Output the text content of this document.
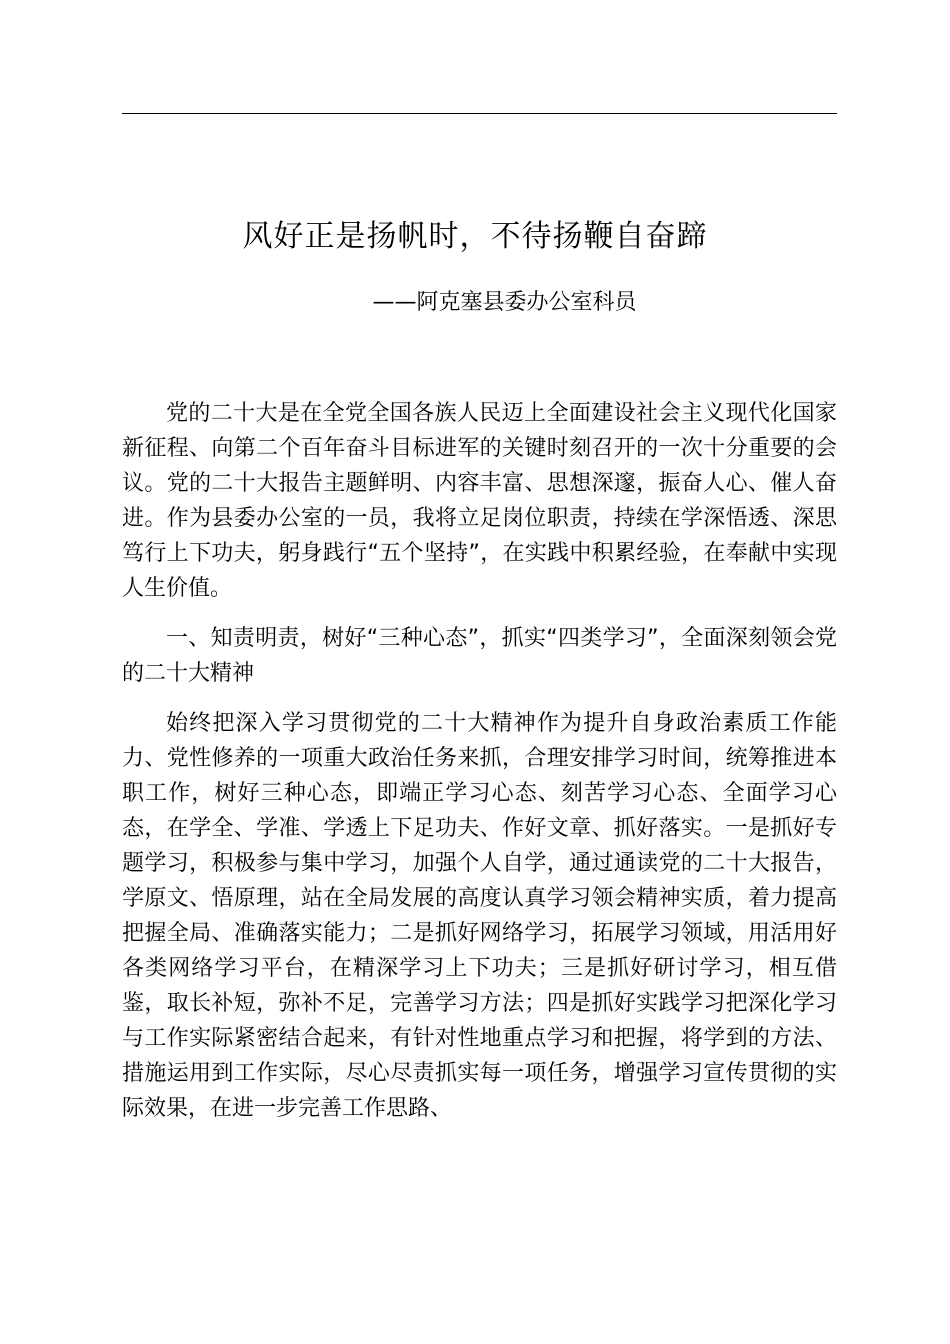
风好正是扬帆时，不待扬鞭自奋蹄
——阿克塞县委办公室科员

党的二十大是在全党全国各族人民迈上全面建设社会主义现代化国家新征程、向第二个百年奋斗目标进军的关键时刻召开的一次十分重要的会议。党的二十大报告主题鲜明、内容丰富、思想深邃，振奋人心、催人奋进。作为县委办公室的一员，我将立足岗位职责，持续在学深悟透、深思笃行上下功夫，躬身践行“五个坚持”，在实践中积累经验，在奉献中实现人生价值。

一、知责明责，树好“三种心态”，抓实“四类学习”，全面深刻领会党的二十大精神

始终把深入学习贯彻党的二十大精神作为提升自身政治素质工作能力、党性修养的一项重大政治任务来抓，合理安排学习时间，统筹推进本职工作，树好三种心态，即端正学习心态、刻苦学习心态、全面学习心态，在学全、学准、学透上下足功夫、作好文章、抓好落实。一是抓好专题学习，积极参与集中学习，加强个人自学，通过通读党的二十大报告，学原文、悟原理，站在全局发展的高度认真学习领会精神实质，着力提高把握全局、准确落实能力；二是抓好网络学习，拓展学习领域，用活用好各类网络学习平台，在精深学习上下功夫；三是抓好研讨学习，相互借鉴，取长补短，弥补不足，完善学习方法；四是抓好实践学习把深化学习与工作实际紧密结合起来，有针对性地重点学习和把握，将学到的方法、措施运用到工作实际，尽心尽责抓实每一项任务，增强学习宣传贯彻的实际效果，在进一步完善工作思路、
